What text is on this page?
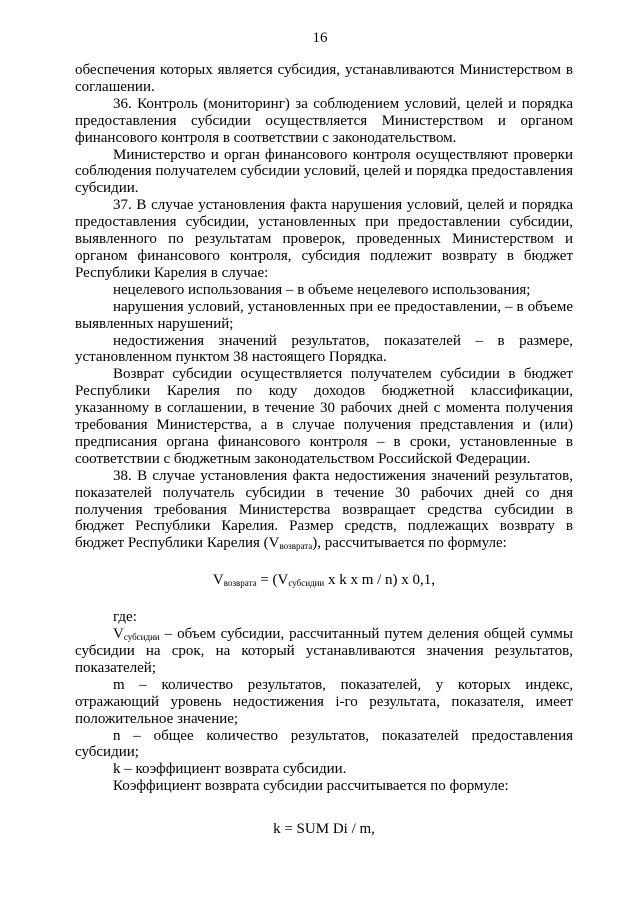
16

обеспечения которых является субсидия, устанавливаются Министерством в соглашении.

36. Контроль (мониторинг) за соблюдением условий, целей и порядка предоставления субсидии осуществляется Министерством и органом финансового контроля в соответствии с законодательством.

Министерство и орган финансового контроля осуществляют проверки соблюдения получателем субсидии условий, целей и порядка предоставления субсидии.

37. В случае установления факта нарушения условий, целей и порядка предоставления субсидии, установленных при предоставлении субсидии, выявленного по результатам проверок, проведенных Министерством и органом финансового контроля, субсидия подлежит возврату в бюджет Республики Карелия в случае:

нецелевого использования – в объеме нецелевого использования;

нарушения условий, установленных при ее предоставлении, – в объеме выявленных нарушений;

недостижения значений результатов, показателей – в размере, установленном пунктом 38 настоящего Порядка.

Возврат субсидии осуществляется получателем субсидии в бюджет Республики Карелия по коду доходов бюджетной классификации, указанному в соглашении, в течение 30 рабочих дней с момента получения требования Министерства, а в случае получения представления и (или) предписания органа финансового контроля – в сроки, установленные в соответствии с бюджетным законодательством Российской Федерации.

38. В случае установления факта недостижения значений результатов, показателей получатель субсидии в течение 30 рабочих дней со дня получения требования Министерства возвращает средства субсидии в бюджет Республики Карелия. Размер средств, подлежащих возврату в бюджет Республики Карелия $(V_{возврата})$, рассчитывается по формуле:

$V_{возврата} = (V_{субсидии}$ x k x m / n) x 0,1,

где:

$V_{субсидии}$ – объем субсидии, рассчитанный путем деления общей суммы субсидии на срок, на который устанавливаются значения результатов, показателей;

m – количество результатов, показателей, у которых индекс, отражающий уровень недостижения i-го результата, показателя, имеет положительное значение;

n – общее количество результатов, показателей предоставления субсидии;

k – коэффициент возврата субсидии.

Коэффициент возврата субсидии рассчитывается по формуле:

k = SUM Di / m,
